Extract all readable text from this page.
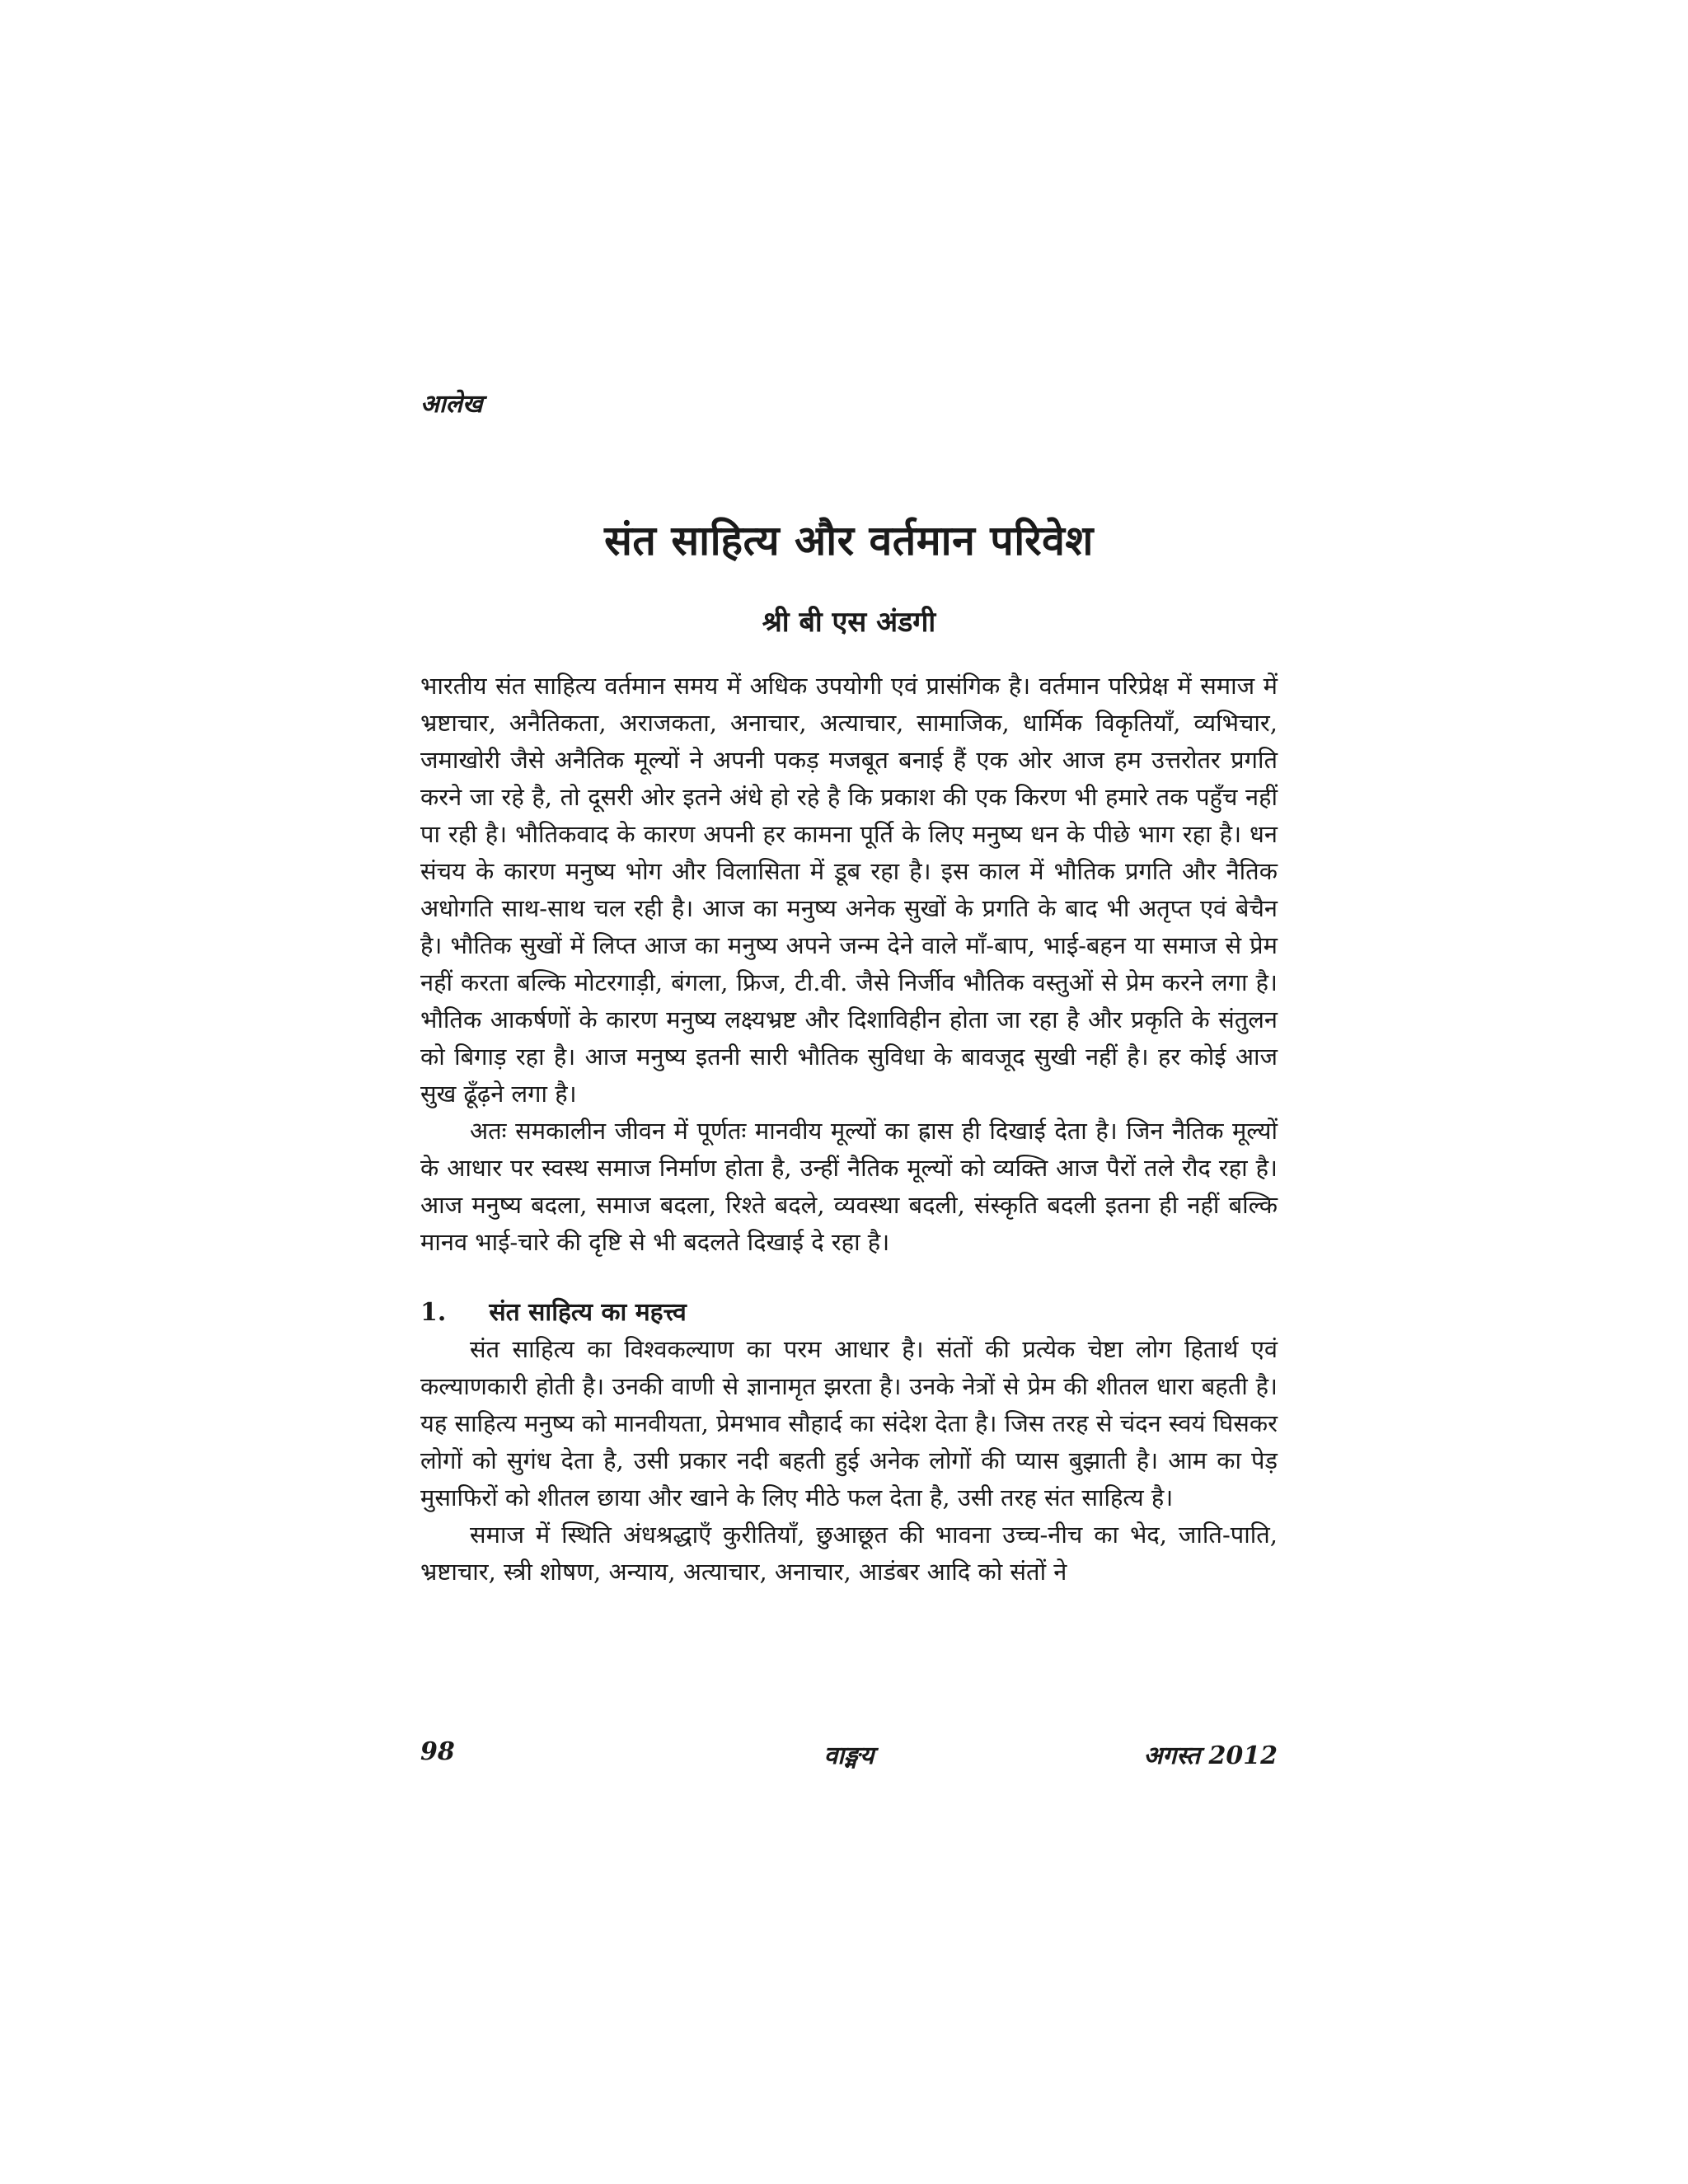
आलेख
संत साहित्य और वर्तमान परिवेश
श्री बी एस अंडगी

भारतीय संत साहित्य वर्तमान समय में अधिक उपयोगी एवं प्रासंगिक है। वर्तमान परिप्रेक्ष में समाज में भ्रष्टाचार, अनैतिकता, अराजकता, अनाचार, अत्याचार, सामाजिक, धार्मिक विकृतियाँ, व्यभिचार, जमाखोरी जैसे अनैतिक मूल्यों ने अपनी पकड़ मजबूत बनाई हैं एक ओर आज हम उत्तरोतर प्रगति करने जा रहे है, तो दूसरी ओर इतने अंधे हो रहे है कि प्रकाश की एक किरण भी हमारे तक पहुँच नहीं पा रही है। भौतिकवाद के कारण अपनी हर कामना पूर्ति के लिए मनुष्य धन के पीछे भाग रहा है। धन संचय के कारण मनुष्य भोग और विलासिता में डूब रहा है। इस काल में भौतिक प्रगति और नैतिक अधोगति साथ-साथ चल रही है। आज का मनुष्य अनेक सुखों के प्रगति के बाद भी अतृप्त एवं बेचैन है। भौतिक सुखों में लिप्त आज का मनुष्य अपने जन्म देने वाले माँ-बाप, भाई-बहन या समाज से प्रेम नहीं करता बल्कि मोटरगाड़ी, बंगला, फ्रिज, टी.वी. जैसे निर्जीव भौतिक वस्तुओं से प्रेम करने लगा है। भौतिक आकर्षणों के कारण मनुष्य लक्ष्यभ्रष्ट और दिशाविहीन होता जा रहा है और प्रकृति के संतुलन को बिगाड़ रहा है। आज मनुष्य इतनी सारी भौतिक सुविधा के बावजूद सुखी नहीं है। हर कोई आज सुख ढूँढ़ने लगा है।

अतः समकालीन जीवन में पूर्णतः मानवीय मूल्यों का ह्रास ही दिखाई देता है। जिन नैतिक मूल्यों के आधार पर स्वस्थ समाज निर्माण होता है, उन्हीं नैतिक मूल्यों को व्यक्ति आज पैरों तले रौद रहा है। आज मनुष्य बदला, समाज बदला, रिश्ते बदले, व्यवस्था बदली, संस्कृति बदली इतना ही नहीं बल्कि मानव भाई-चारे की दृष्टि से भी बदलते दिखाई दे रहा है।

1. संत साहित्य का महत्त्व

संत साहित्य का विश्वकल्याण का परम आधार है। संतों की प्रत्येक चेष्टा लोग हितार्थ एवं कल्याणकारी होती है। उनकी वाणी से ज्ञानामृत झरता है। उनके नेत्रों से प्रेम की शीतल धारा बहती है। यह साहित्य मनुष्य को मानवीयता, प्रेमभाव सौहार्द का संदेश देता है। जिस तरह से चंदन स्वयं घिसकर लोगों को सुगंध देता है, उसी प्रकार नदी बहती हुई अनेक लोगों की प्यास बुझाती है। आम का पेड़ मुसाफिरों को शीतल छाया और खाने के लिए मीठे फल देता है, उसी तरह संत साहित्य है।

समाज में स्थिति अंधश्रद्धाएँ कुरीतियाँ, छुआछूत की भावना उच्च-नीच का भेद, जाति-पाति, भ्रष्टाचार, स्त्री शोषण, अन्याय, अत्याचार, अनाचार, आडंबर आदि को संतों ने

98	वाङ्मय	अगस्त 2012
